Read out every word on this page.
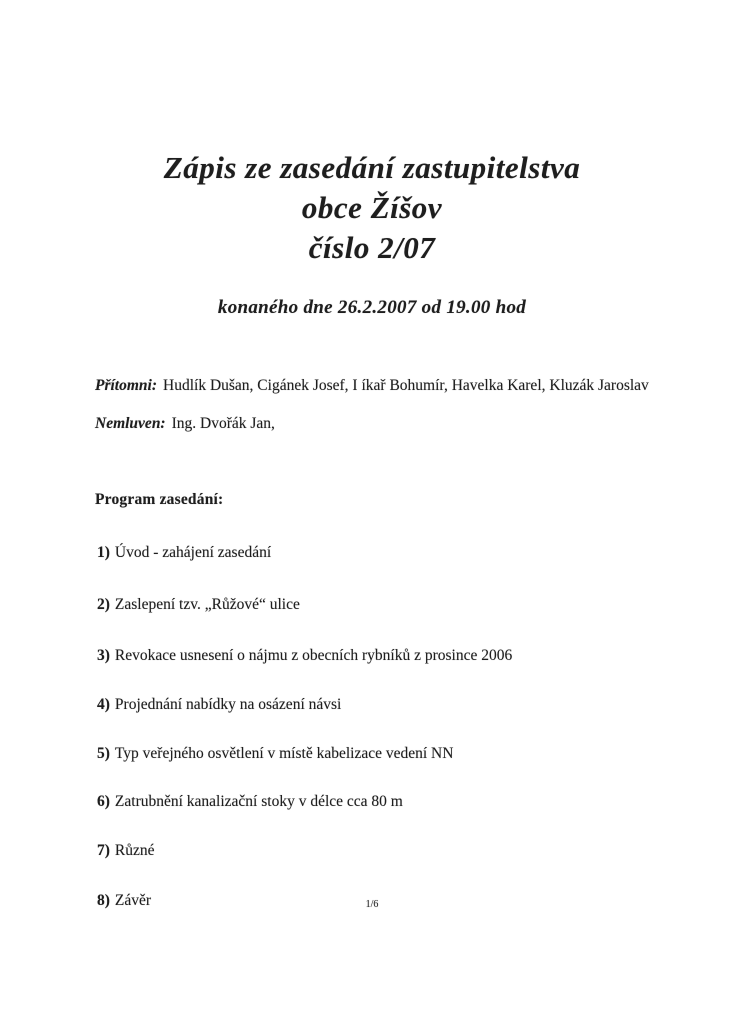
Zápis ze zasedání zastupitelstva
obce Žíšov
číslo 2/07
konaného dne 26.2.2007 od 19.00 hod
Přítomni: Hudlík Dušan, Cigánek Josef, I íkař Bohumír, Havelka Karel, Kluzák Jaroslav
Nemluven: Ing. Dvořák Jan,
Program zasedání:
1) Úvod - zahájení zasedání
2) Zaslepení tzv. „Růžové“ ulice
3) Revokace usnesení o nájmu z obecních rybníků z prosince 2006
4) Projednání nabídky na osázení návsi
5) Typ veřejného osvětlení v místě kabelizace vedení NN
6) Zatrubnění kanalizační stoky v délce cca 80 m
7) Různé
8) Závěr	1/6
